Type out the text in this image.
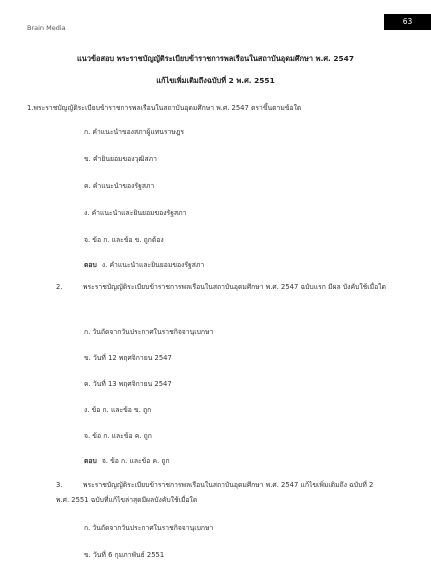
Brain Media
63
แนวข้อสอบ พระราชบัญญัติระเบียบข้าราชการพลเรือนในสถาบันอุดมศึกษา พ.ศ. 2547
แก้ไขเพิ่มเติมถึงฉบับที่ 2 พ.ศ. 2551
1.พระราชบัญญัติระเบียบข้าราชการพลเรือนในสถาบันอุดมศึกษา พ.ศ. 2547 ตราขึ้นตามข้อใด
ก. คำแนะนำของสภาผู้แทนราษฎร
ข. คำยินยอมของวุฒิสภา
ค. คำแนะนำของรัฐสภา
ง. คำแนะนำและยินยอมของรัฐสภา
จ. ข้อ ก. และข้อ ข. ถูกต้อง
ตอบ ง. คำแนะนำและยินยอมของรัฐสภา
2.	พระราชบัญญัติระเบียบข้าราชการพลเรือนในสถาบันอุดมศึกษา พ.ศ. 2547 ฉบับแรก มีผล บังคับใช้เมื่อใด
ก. วันถัดจากวันประกาศในราชกิจจานุเบกษา
ข. วันที่ 12 พฤศจิกายน 2547
ค. วันที่ 13 พฤศจิกายน 2547
ง. ข้อ ก. และข้อ ข. ถูก
จ. ข้อ ก. และข้อ ค. ถูก
ตอบ จ. ข้อ ก. และข้อ ค. ถูก
3.	พระราชบัญญัติระเบียบข้าราชการพลเรือนในสถาบันอุดมศึกษา พ.ศ. 2547 แก้ไขเพิ่มเติมถึง ฉบับที่ 2 พ.ศ. 2551 ฉบับที่แก้ไขล่าสุดมีผลบังคับใช้เมื่อใด
ก. วันถัดจากวันประกาศในราชกิจจานุเบกษา
ข. วันที่ 6 กุมภาพันธ์ 2551
